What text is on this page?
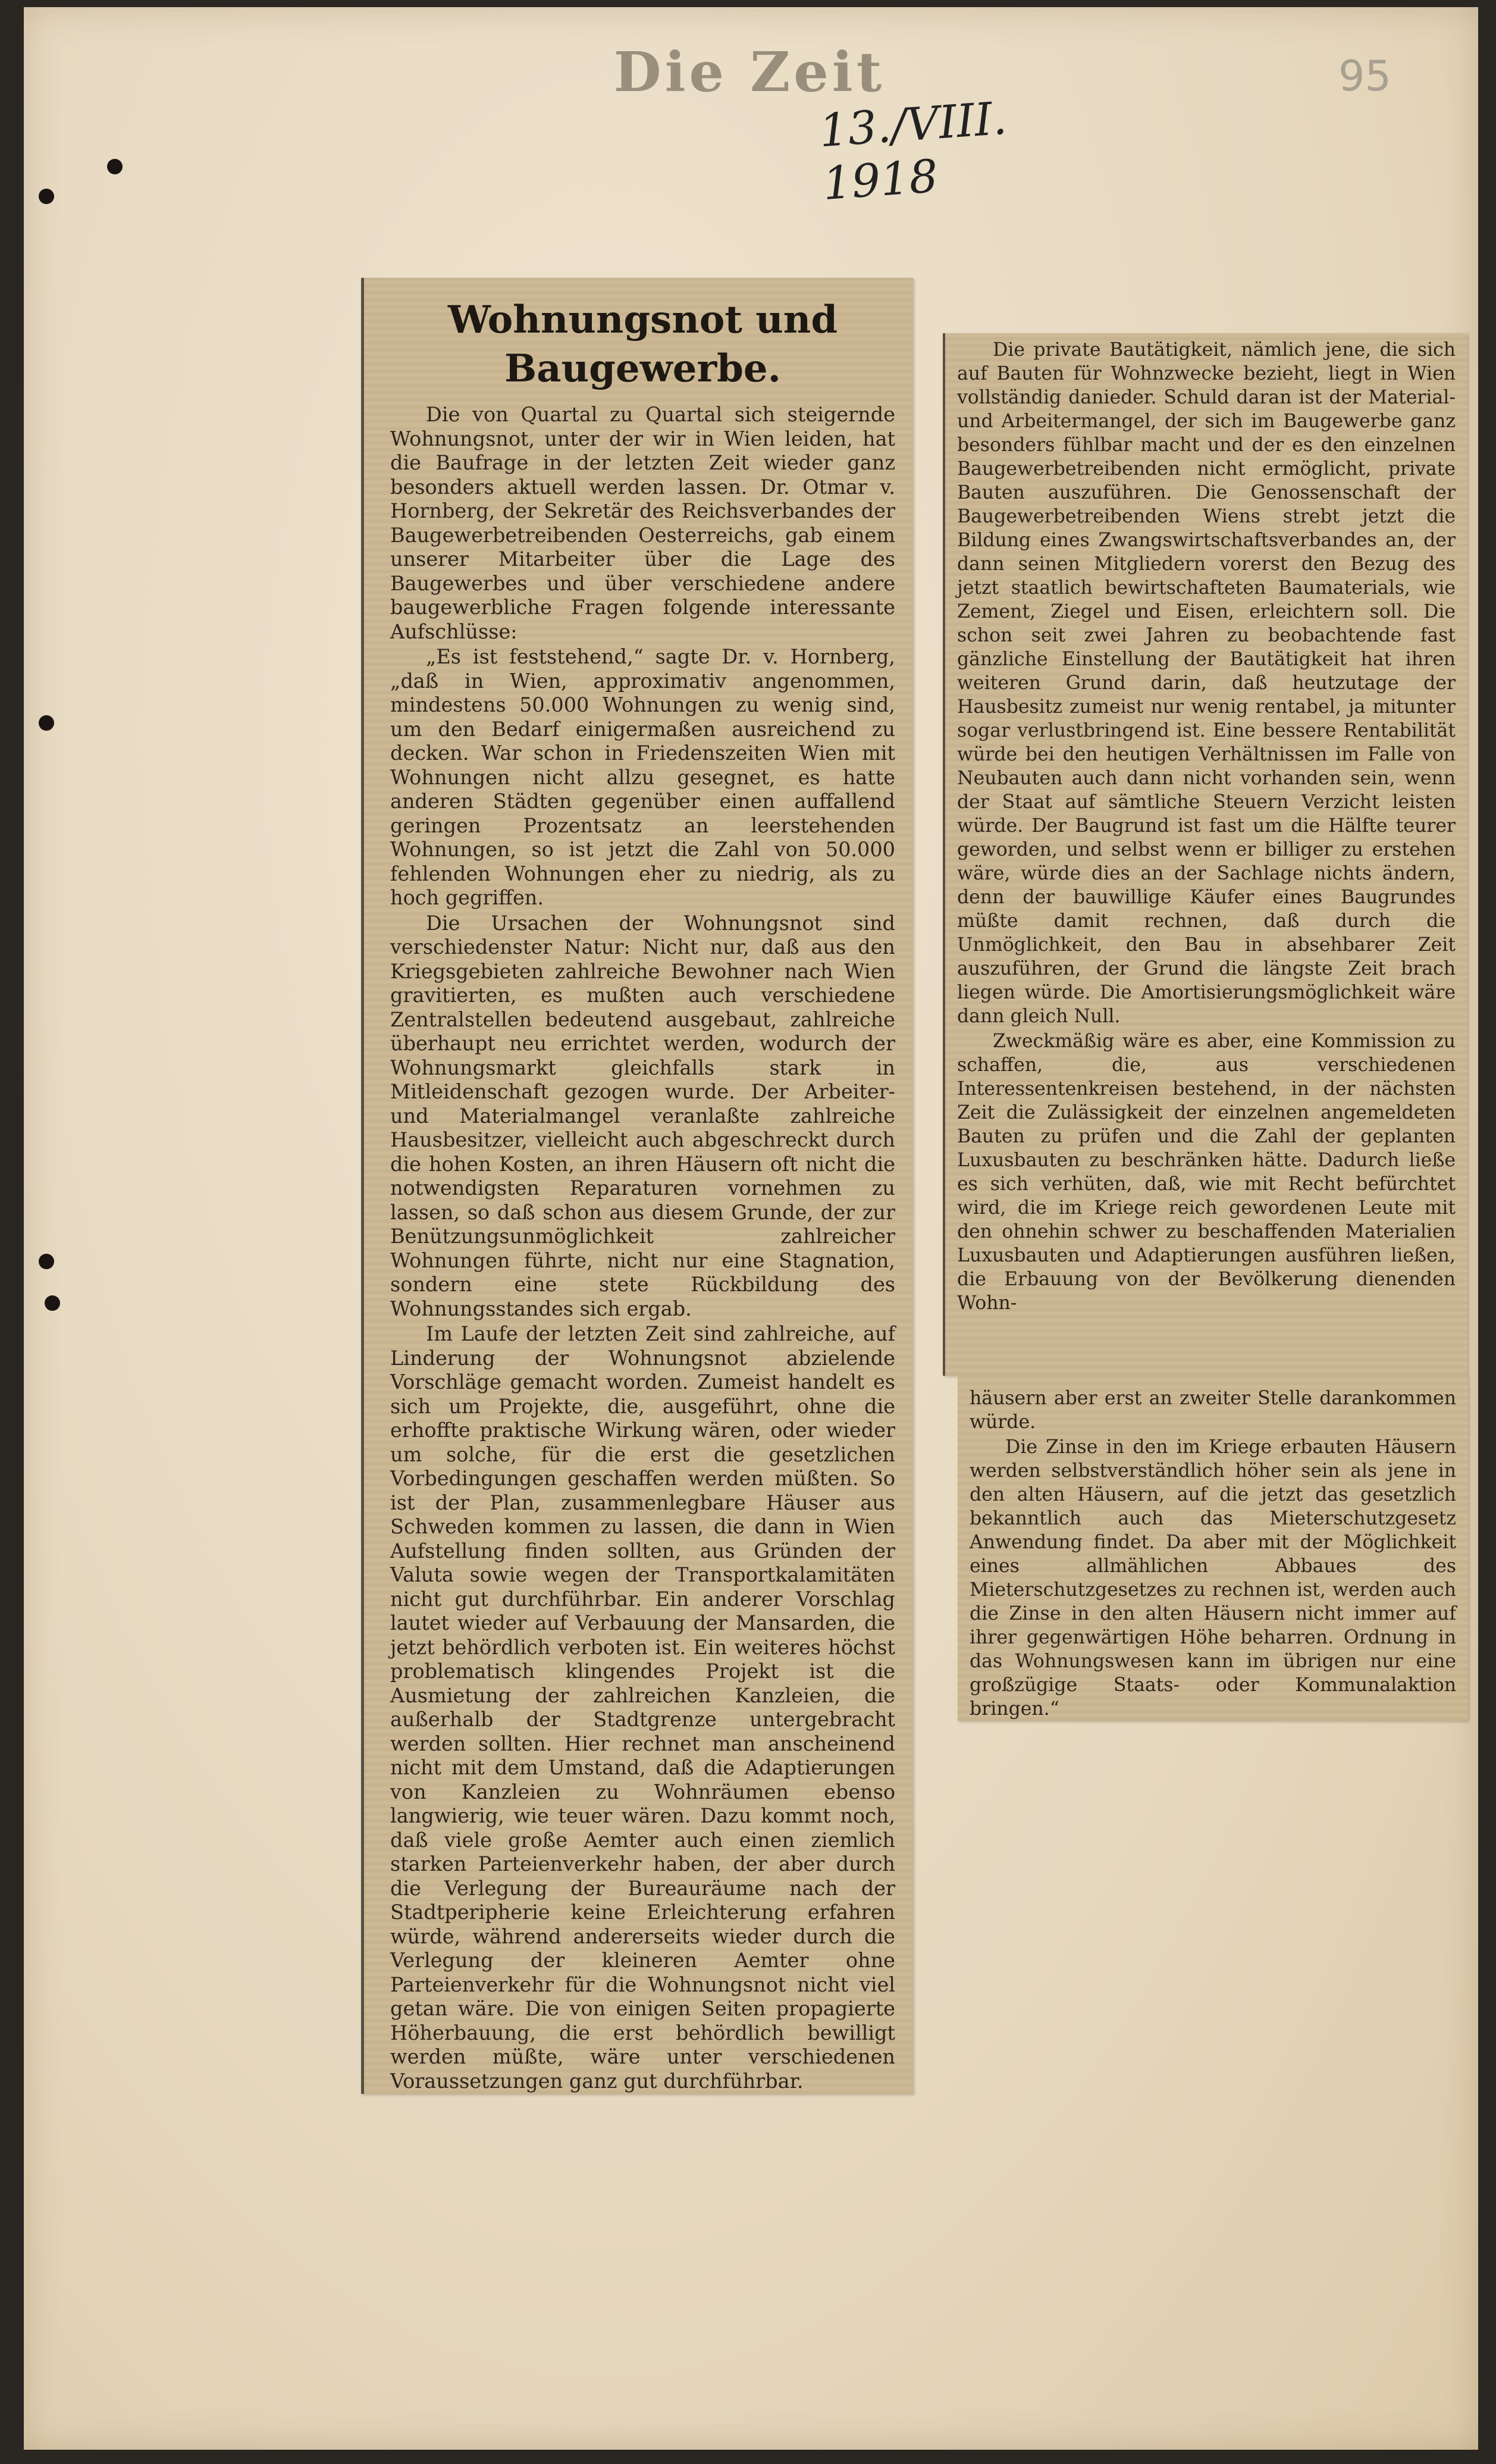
Die Zeit
13./VIII. 1918
95
Wohnungsnot und Baugewerbe.

Die von Quartal zu Quartal sich steigernde Wohnungsnot, unter der wir in Wien leiden, hat die Baufrage in der letzten Zeit wieder ganz besonders aktuell werden lassen. Dr. Otmar v. Hornberg, der Sekretär des Reichsverbandes der Baugewerbetreibenden Oesterreichs, gab einem unserer Mitarbeiter über die Lage des Baugewerbes und über verschiedene andere baugewerbliche Fragen folgende interessante Aufschlüsse:

„Es ist feststehend,“ sagte Dr. v. Hornberg, „daß in Wien, approximativ angenommen, mindestens 50.000 Wohnungen zu wenig sind, um den Bedarf einigermaßen ausreichend zu decken. War schon in Friedenszeiten Wien mit Wohnungen nicht allzu gesegnet, es hatte anderen Städten gegenüber einen auffallend geringen Prozentsatz an leerstehenden Wohnungen, so ist jetzt die Zahl von 50.000 fehlenden Wohnungen eher zu niedrig, als zu hoch gegriffen.

Die Ursachen der Wohnungsnot sind verschiedenster Natur: Nicht nur, daß aus den Kriegsgebieten zahlreiche Bewohner nach Wien gravitierten, es mußten auch verschiedene Zentralstellen bedeutend ausgebaut, zahlreiche überhaupt neu errichtet werden, wodurch der Wohnungsmarkt gleichfalls stark in Mitleidenschaft gezogen wurde. Der Arbeiter- und Materialmangel veranlaßte zahlreiche Hausbesitzer, vielleicht auch abgeschreckt durch die hohen Kosten, an ihren Häusern oft nicht die notwendigsten Reparaturen vornehmen zu lassen, so daß schon aus diesem Grunde, der zur Benützungsunmöglichkeit zahlreicher Wohnungen führte, nicht nur eine Stagnation, sondern eine stete Rückbildung des Wohnungsstandes sich ergab.

Im Laufe der letzten Zeit sind zahlreiche, auf Linderung der Wohnungsnot abzielende Vorschläge gemacht worden. Zumeist handelt es sich um Projekte, die, ausgeführt, ohne die erhoffte praktische Wirkung wären, oder wieder um solche, für die erst die gesetzlichen Vorbedingungen geschaffen werden müßten. So ist der Plan, zusammenlegbare Häuser aus Schweden kommen zu lassen, die dann in Wien Aufstellung finden sollten, aus Gründen der Valuta sowie wegen der Transportkalamitäten nicht gut durchführbar. Ein anderer Vorschlag lautet wieder auf Verbauung der Mansarden, die jetzt behördlich verboten ist. Ein weiteres höchst problematisch klingendes Projekt ist die Ausmietung der zahlreichen Kanzleien, die außerhalb der Stadtgrenze untergebracht werden sollten. Hier rechnet man anscheinend nicht mit dem Umstand, daß die Adaptierungen von Kanzleien zu Wohnräumen ebenso langwierig, wie teuer wären. Dazu kommt noch, daß viele große Aemter auch einen ziemlich starken Parteienverkehr haben, der aber durch die Verlegung der Bureauräume nach der Stadtperipherie keine Erleichterung erfahren würde, während andererseits wieder durch die Verlegung der kleineren Aemter ohne Parteienverkehr für die Wohnungsnot nicht viel getan wäre. Die von einigen Seiten propagierte Höherbauung, die erst behördlich bewilligt werden müßte, wäre unter verschiedenen Voraussetzungen ganz gut durchführbar.

Die private Bautätigkeit, nämlich jene, die sich auf Bauten für Wohnzwecke bezieht, liegt in Wien vollständig danieder. Schuld daran ist der Material- und Arbeitermangel, der sich im Baugewerbe ganz besonders fühlbar macht und der es den einzelnen Baugewerbetreibenden nicht ermöglicht, private Bauten auszuführen. Die Genossenschaft der Baugewerbetreibenden Wiens strebt jetzt die Bildung eines Zwangswirtschaftsverbandes an, der dann seinen Mitgliedern vorerst den Bezug des jetzt staatlich bewirtschafteten Baumaterials, wie Zement, Ziegel und Eisen, erleichtern soll. Die schon seit zwei Jahren zu beobachtende fast gänzliche Einstellung der Bautätigkeit hat ihren weiteren Grund darin, daß heutzutage der Hausbesitz zumeist nur wenig rentabel, ja mitunter sogar verlustbringend ist. Eine bessere Rentabilität würde bei den heutigen Verhältnissen im Falle von Neubauten auch dann nicht vorhanden sein, wenn der Staat auf sämtliche Steuern Verzicht leisten würde. Der Baugrund ist fast um die Hälfte teurer geworden, und selbst wenn er billiger zu erstehen wäre, würde dies an der Sachlage nichts ändern, denn der bauwillige Käufer eines Baugrundes müßte damit rechnen, daß durch die Unmöglichkeit, den Bau in absehbarer Zeit auszuführen, der Grund die längste Zeit brach liegen würde. Die Amortisierungsmöglichkeit wäre dann gleich Null.

Zweckmäßig wäre es aber, eine Kommission zu schaffen, die, aus verschiedenen Interessentenkreisen bestehend, in der nächsten Zeit die Zulässigkeit der einzelnen angemeldeten Bauten zu prüfen und die Zahl der geplanten Luxusbauten zu beschränken hätte. Dadurch ließe es sich verhüten, daß, wie mit Recht befürchtet wird, die im Kriege reich gewordenen Leute mit den ohnehin schwer zu beschaffenden Materialien Luxusbauten und Adaptierungen ausführen ließen, die Erbauung von der Bevölkerung dienenden Wohn-

häusern aber erst an zweiter Stelle darankommen würde.

Die Zinse in den im Kriege erbauten Häusern werden selbstverständlich höher sein als jene in den alten Häusern, auf die jetzt das gesetzlich bekanntlich auch das Mieterschutzgesetz Anwendung findet. Da aber mit der Möglichkeit eines allmählichen Abbaues des Mieterschutzgesetzes zu rechnen ist, werden auch die Zinse in den alten Häusern nicht immer auf ihrer gegenwärtigen Höhe beharren. Ordnung in das Wohnungswesen kann im übrigen nur eine großzügige Staats- oder Kommunalaktion bringen.“
